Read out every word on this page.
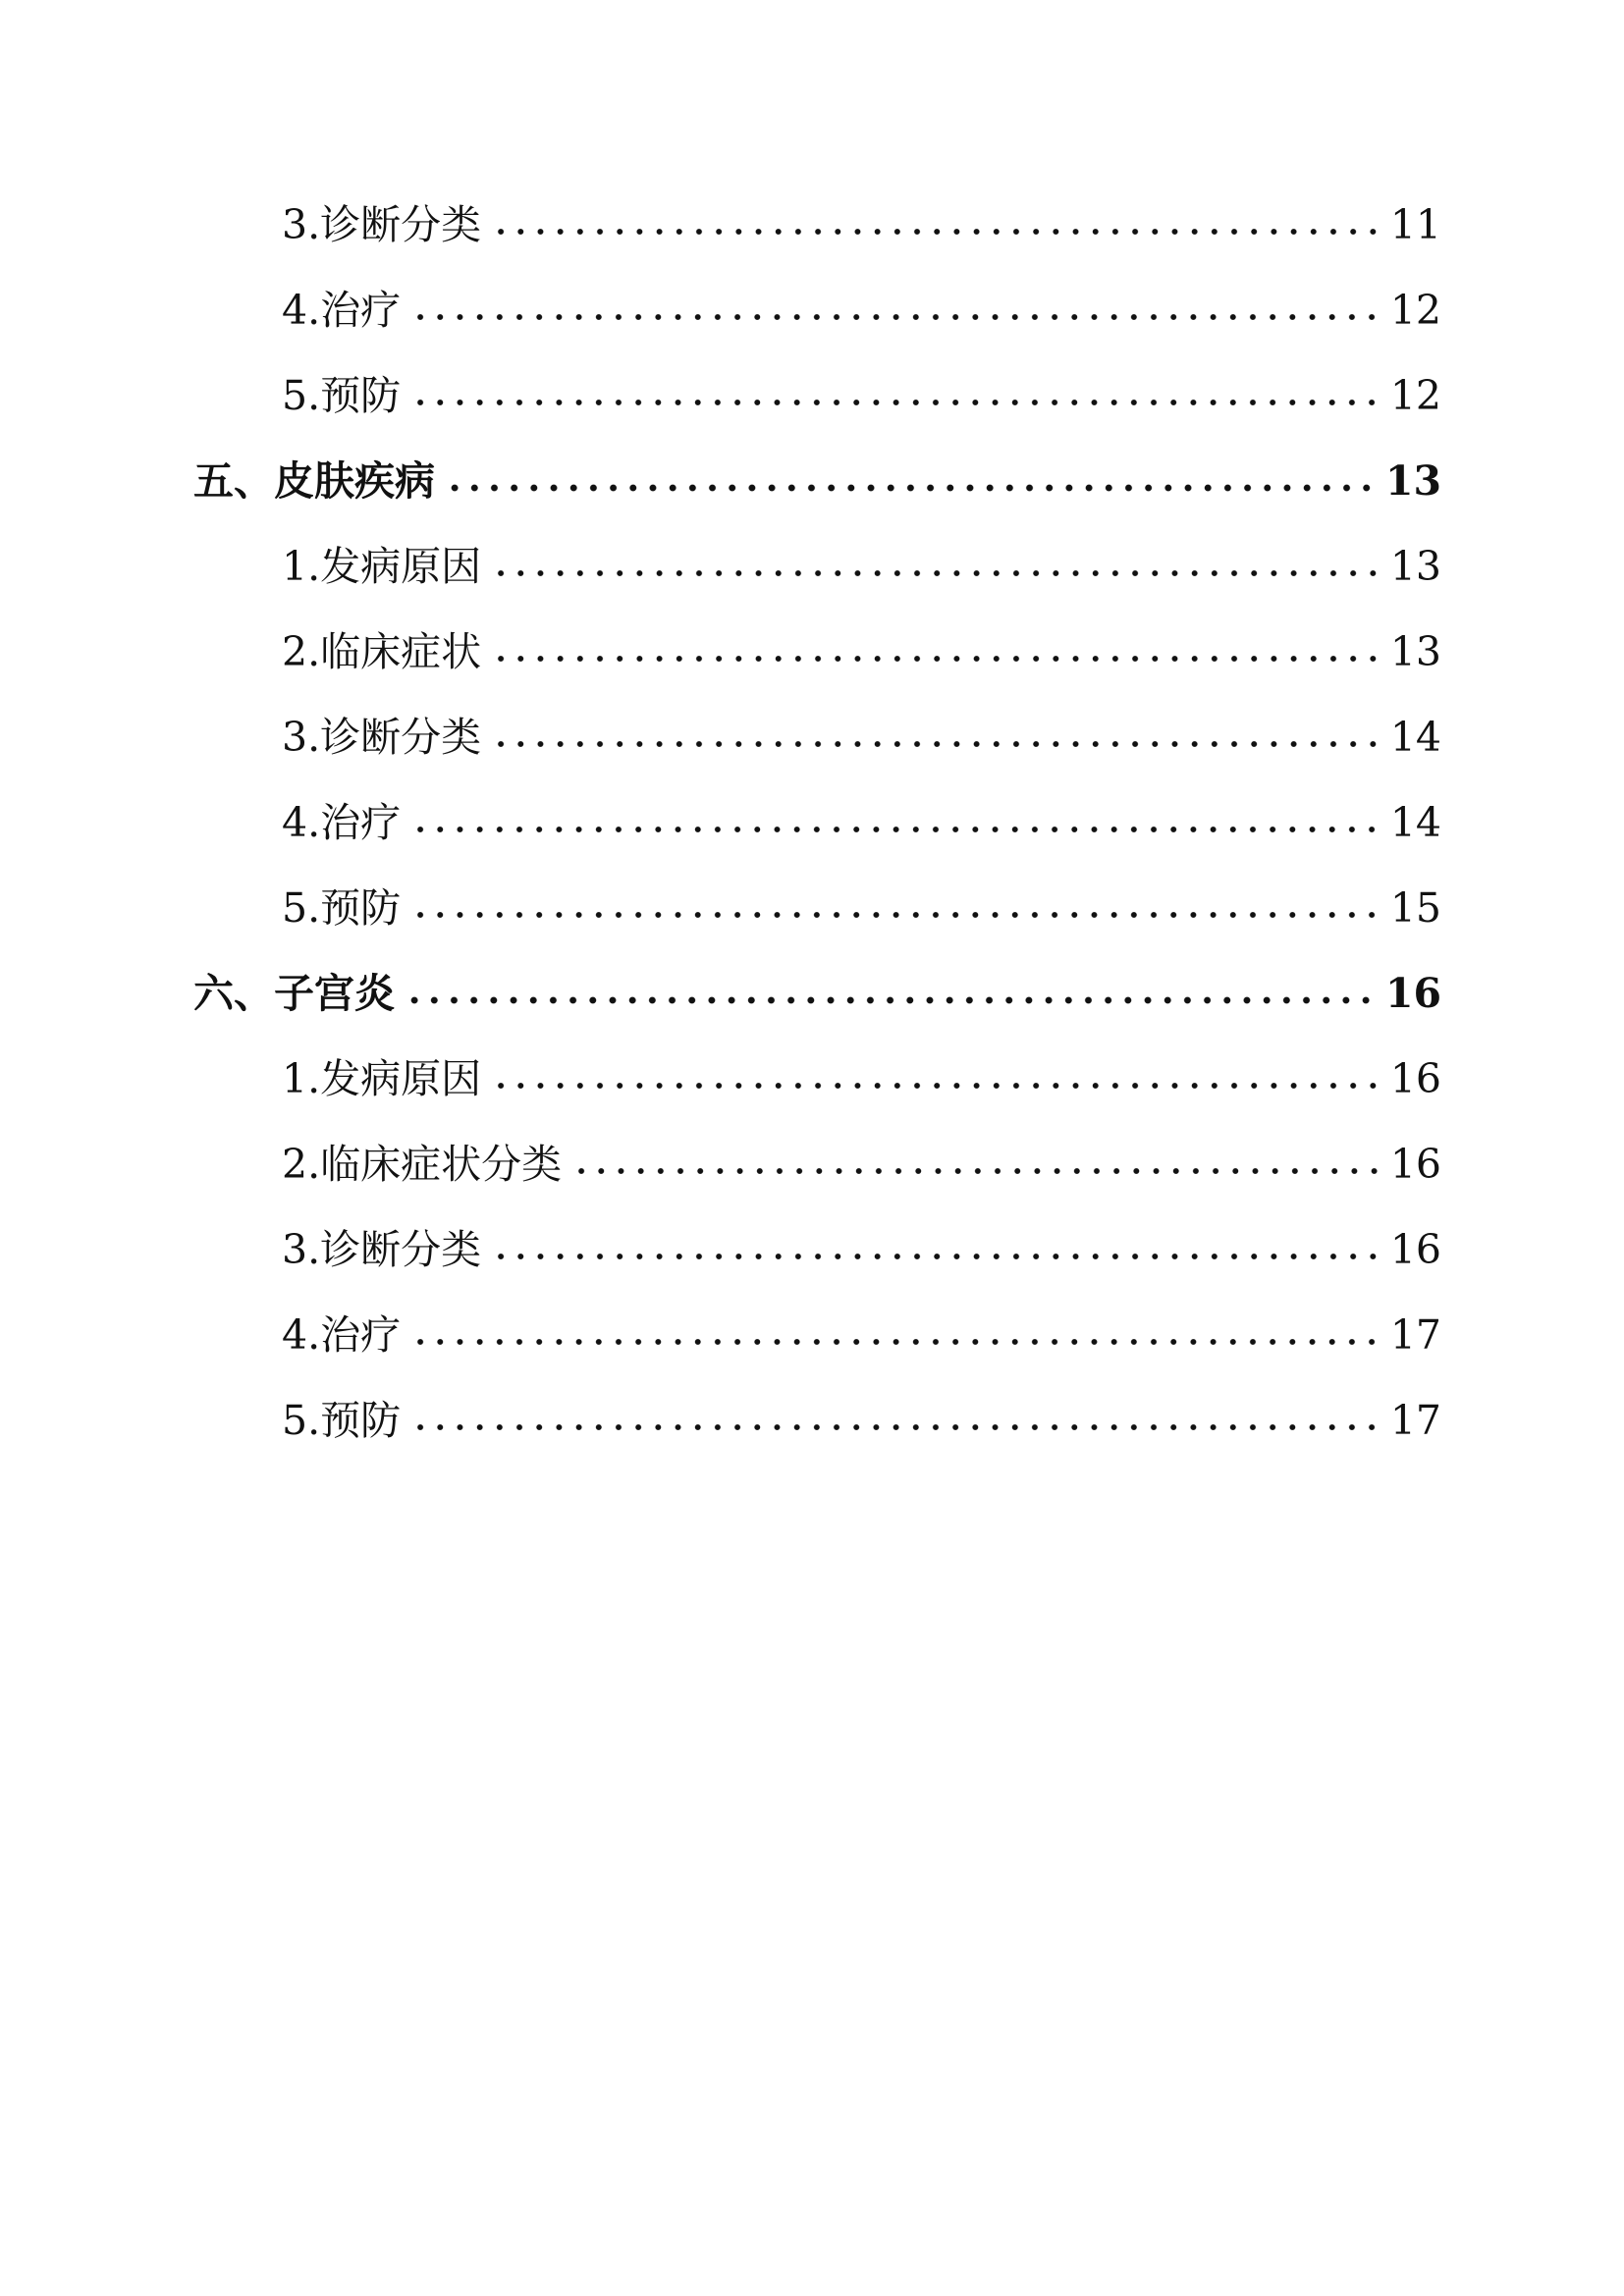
3.诊断分类	11
4.治疗	12
5.预防	12
五、皮肤疾病	13
1.发病原因	13
2.临床症状	13
3.诊断分类	14
4.治疗	14
5.预防	15
六、子宫炎	16
1.发病原因	16
2.临床症状分类	16
3.诊断分类	16
4.治疗	17
5.预防	17
